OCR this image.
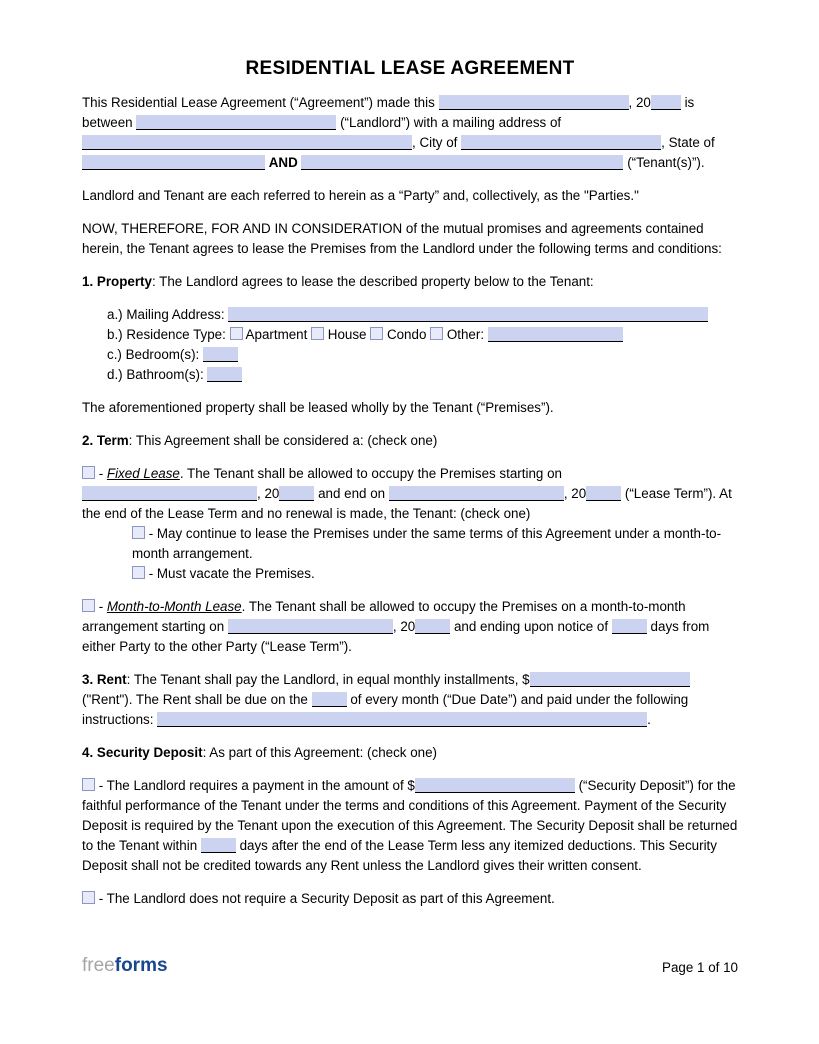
RESIDENTIAL LEASE AGREEMENT

This Residential Lease Agreement (“Agreement”) made this	, 20 is between	(“Landlord”) with a mailing address of , City of	, State of  AND	(“Tenant(s)”).

Landlord and Tenant are each referred to herein as a “Party” and, collectively, as the "Parties."

NOW, THEREFORE, FOR AND IN CONSIDERATION of the mutual promises and agreements contained herein, the Tenant agrees to lease the Premises from the Landlord under the following terms and conditions:

1. Property: The Landlord agrees to lease the described property below to the Tenant:

a.) Mailing Address:

b.) Residence Type:  Apartment  House  Condo  Other:

c.) Bedroom(s):

d.) Bathroom(s):

The aforementioned property shall be leased wholly by the Tenant (“Premises”).

2. Term: This Agreement shall be considered a: (check one)

- Fixed Lease. The Tenant shall be allowed to occupy the Premises starting on , 20	and end on	, 20	(“Lease Term”). At the end of the Lease Term and no renewal is made, the Tenant: (check one)

- May continue to lease the Premises under the same terms of this Agreement under a month-to-month arrangement.

- Must vacate the Premises.

- Month-to-Month Lease. The Tenant shall be allowed to occupy the Premises on a month-to-month arrangement starting on	, 20	and ending upon notice of	days from either Party to the other Party (“Lease Term”).

3. Rent: The Tenant shall pay the Landlord, in equal monthly installments, $	("Rent"). The Rent shall be due on the	of every month (“Due Date”) and paid under the following instructions:	.

4. Security Deposit: As part of this Agreement: (check one)

- The Landlord requires a payment in the amount of $	(“Security Deposit”) for the faithful performance of the Tenant under the terms and conditions of this Agreement. Payment of the Security Deposit is required by the Tenant upon the execution of this Agreement. The Security Deposit shall be returned to the Tenant within	days after the end of the Lease Term less any itemized deductions. This Security Deposit shall not be credited towards any Rent unless the Landlord gives their written consent.

- The Landlord does not require a Security Deposit as part of this Agreement.

freeforms	Page 1 of 10
